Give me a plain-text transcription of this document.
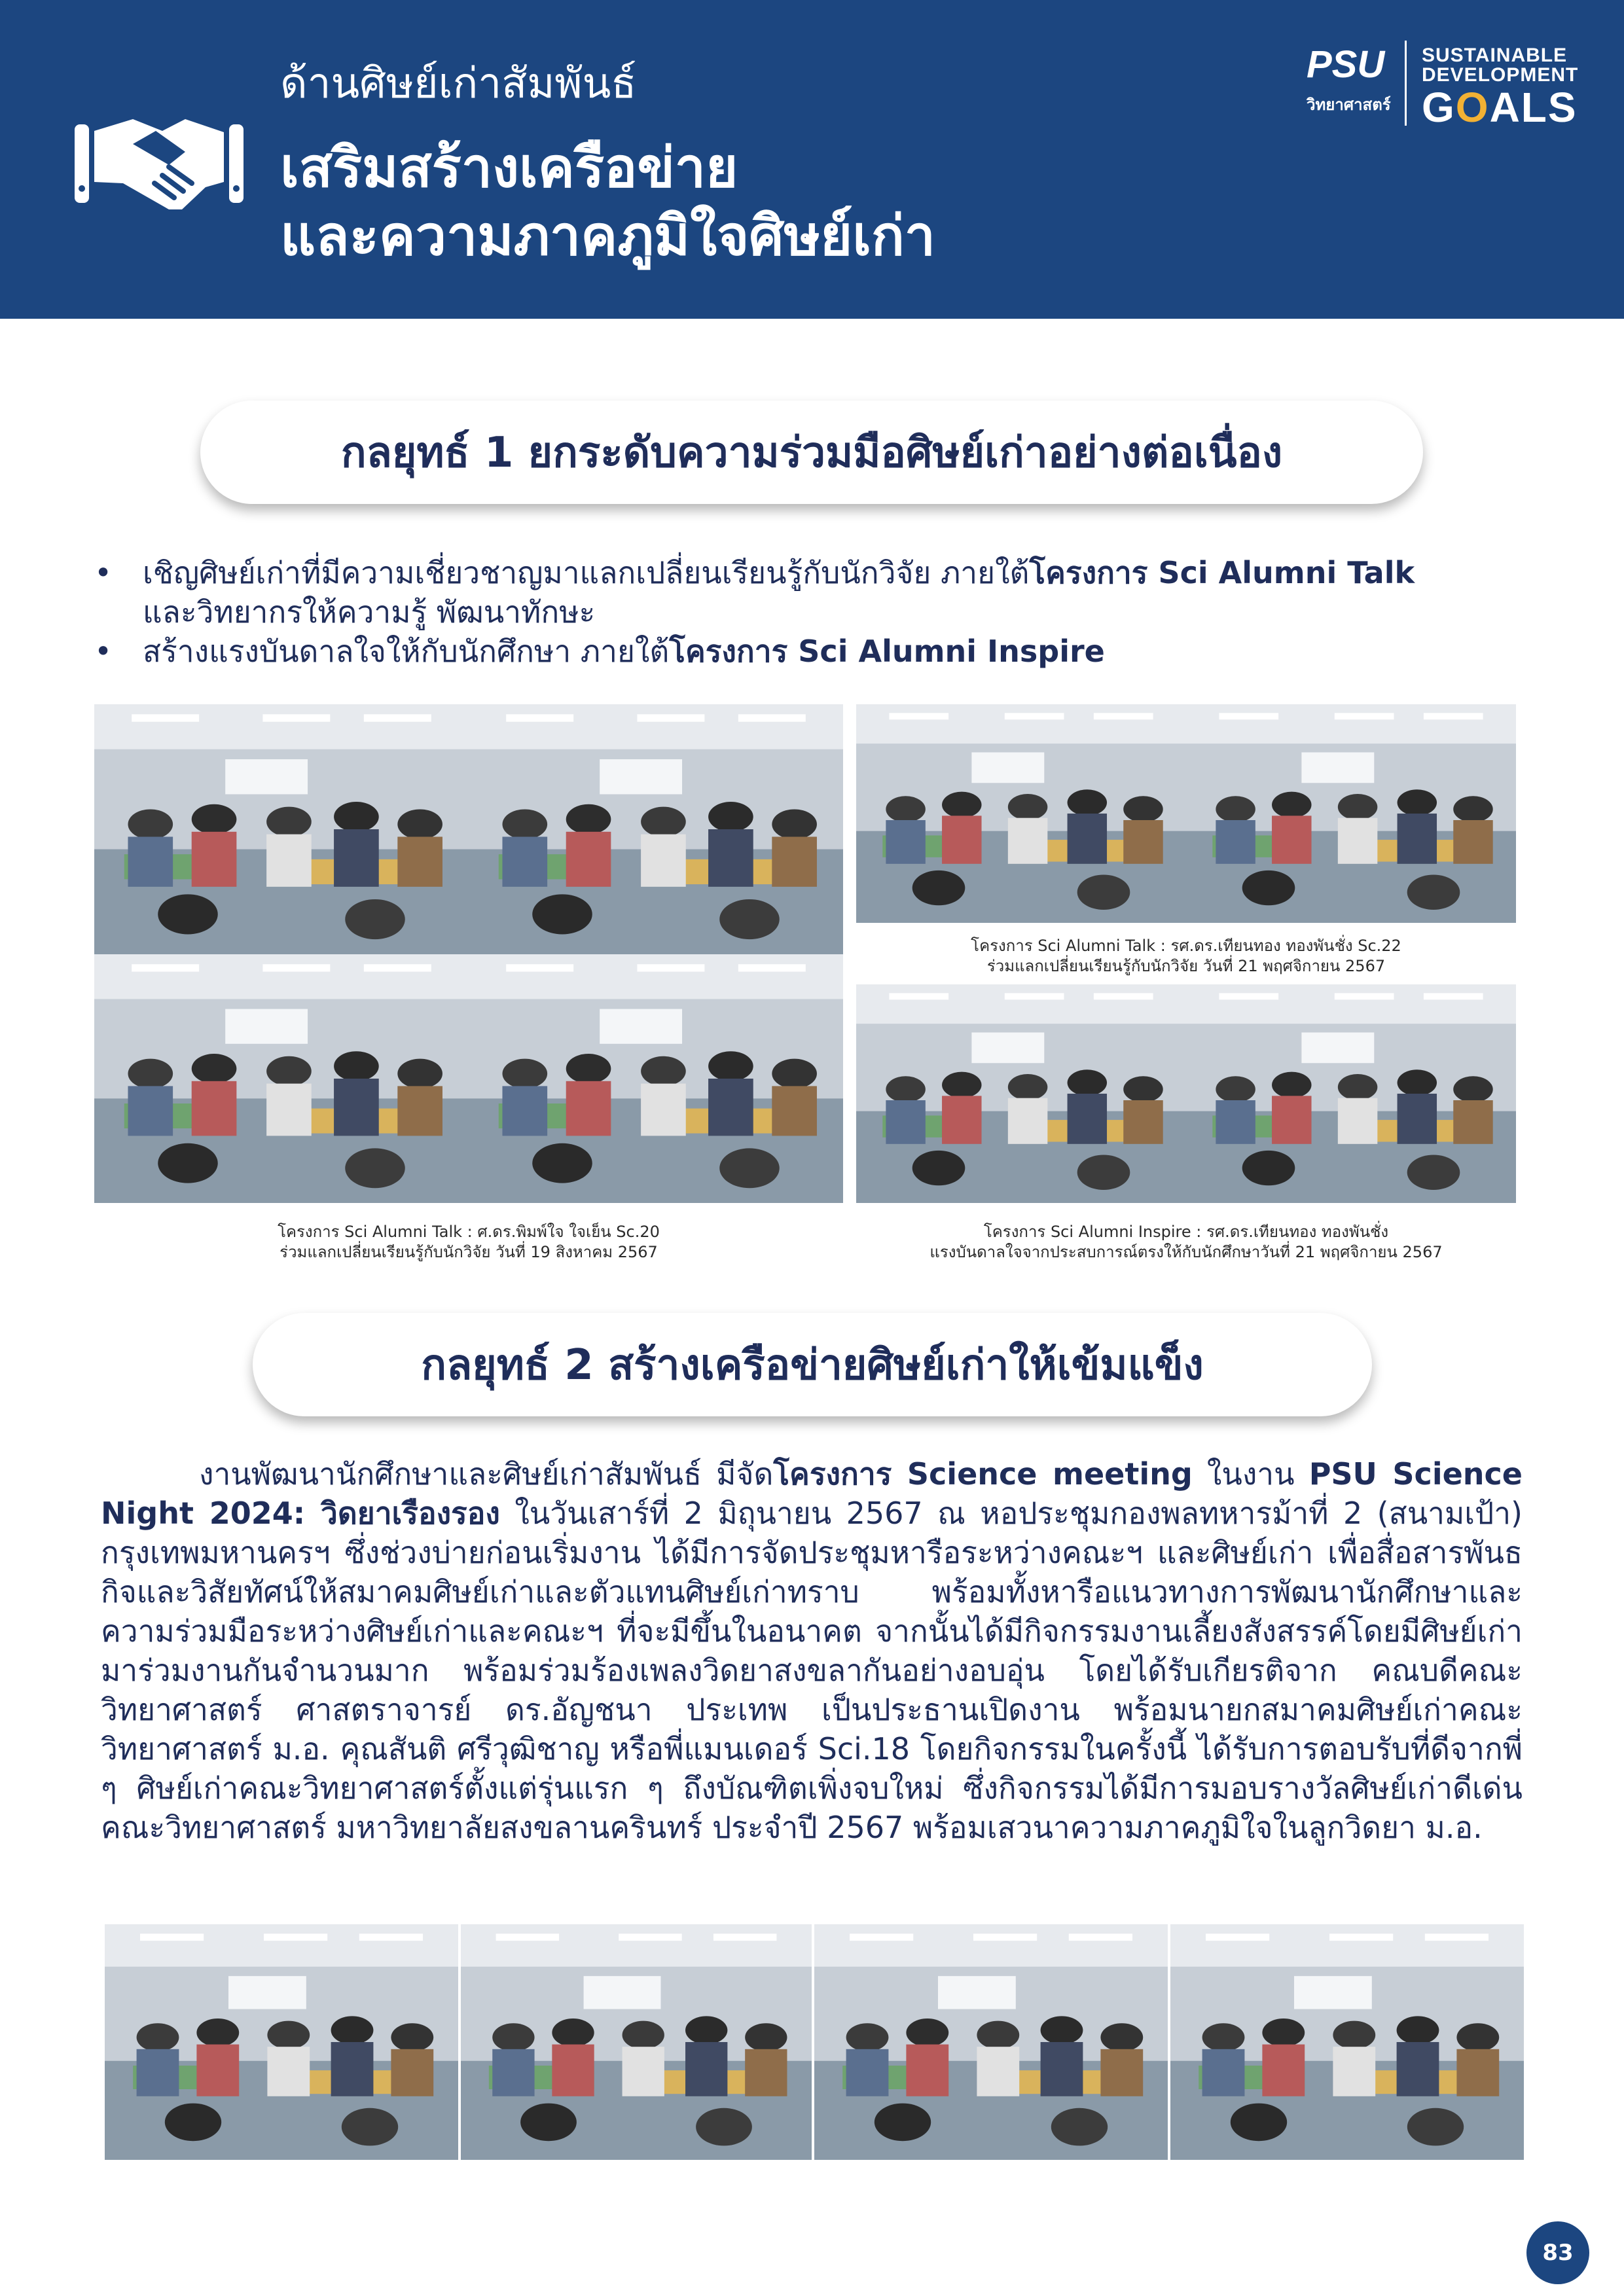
ด้านศิษย์เก่าสัมพันธ์
เสริมสร้างเครือข่าย
และความภาคภูมิใจศิษย์เก่า
PSU
วิทยาศาสตร์
SUSTAINABLE
DEVELOPMENT
GOALS
กลยุทธ์ 1 ยกระดับความร่วมมือศิษย์เก่าอย่างต่อเนื่อง
• เชิญศิษย์เก่าที่มีความเชี่ยวชาญมาแลกเปลี่ยนเรียนรู้กับนักวิจัย ภายใต้โครงการ Sci Alumni Talk
และวิทยากรให้ความรู้ พัฒนาทักษะ
• สร้างแรงบันดาลใจให้กับนักศึกษา ภายใต้โครงการ Sci Alumni Inspire
โครงการ Sci Alumni Talk : ศ.ดร.พิมพ์ใจ ใจเย็น Sc.20
ร่วมแลกเปลี่ยนเรียนรู้กับนักวิจัย วันที่ 19 สิงหาคม 2567
โครงการ Sci Alumni Talk : รศ.ดร.เทียนทอง ทองพันชั่ง Sc.22
ร่วมแลกเปลี่ยนเรียนรู้กับนักวิจัย วันที่ 21 พฤศจิกายน 2567
โครงการ Sci Alumni Inspire : รศ.ดร.เทียนทอง ทองพันชั่ง
แรงบันดาลใจจากประสบการณ์ตรงให้กับนักศึกษาวันที่ 21 พฤศจิกายน 2567
กลยุทธ์ 2 สร้างเครือข่ายศิษย์เก่าให้เข้มแข็ง

งานพัฒนานักศึกษาและศิษย์เก่าสัมพันธ์ มีจัดโครงการ Science meeting ในงาน PSU Science Night 2024: วิดยาเรืองรอง ในวันเสาร์ที่ 2 มิถุนายน 2567 ณ หอประชุมกองพลทหารม้าที่ 2 (สนามเป้า) กรุงเทพมหานครฯ ซึ่งช่วงบ่ายก่อนเริ่มงาน ได้มีการจัดประชุมหารือระหว่างคณะฯ และศิษย์เก่า เพื่อสื่อสารพันธกิจและวิสัยทัศน์ให้สมาคมศิษย์เก่าและตัวแทนศิษย์เก่าทราบ พร้อมทั้งหารือแนวทางการพัฒนานักศึกษาและความร่วมมือระหว่างศิษย์เก่าและคณะฯ ที่จะมีขึ้นในอนาคต จากนั้นได้มีกิจกรรมงานเลี้ยงสังสรรค์โดยมีศิษย์เก่ามาร่วมงานกันจำนวนมาก พร้อมร่วมร้องเพลงวิดยาสงขลากันอย่างอบอุ่น โดยได้รับเกียรติจาก คณบดีคณะวิทยาศาสตร์ ศาสตราจารย์ ดร.อัญชนา ประเทพ เป็นประธานเปิดงาน พร้อมนายกสมาคมศิษย์เก่าคณะวิทยาศาสตร์ ม.อ. คุณสันติ ศรีวุฒิชาญ หรือพี่แมนเดอร์ Sci.18 โดยกิจกรรมในครั้งนี้ ได้รับการตอบรับที่ดีจากพี่ ๆ ศิษย์เก่าคณะวิทยาศาสตร์ตั้งแต่รุ่นแรก ๆ ถึงบัณฑิตเพิ่งจบใหม่ ซึ่งกิจกรรมได้มีการมอบรางวัลศิษย์เก่าดีเด่นคณะวิทยาศาสตร์ มหาวิทยาลัยสงขลานครินทร์ ประจำปี 2567 พร้อมเสวนาความภาคภูมิใจในลูกวิดยา ม.อ.

83
